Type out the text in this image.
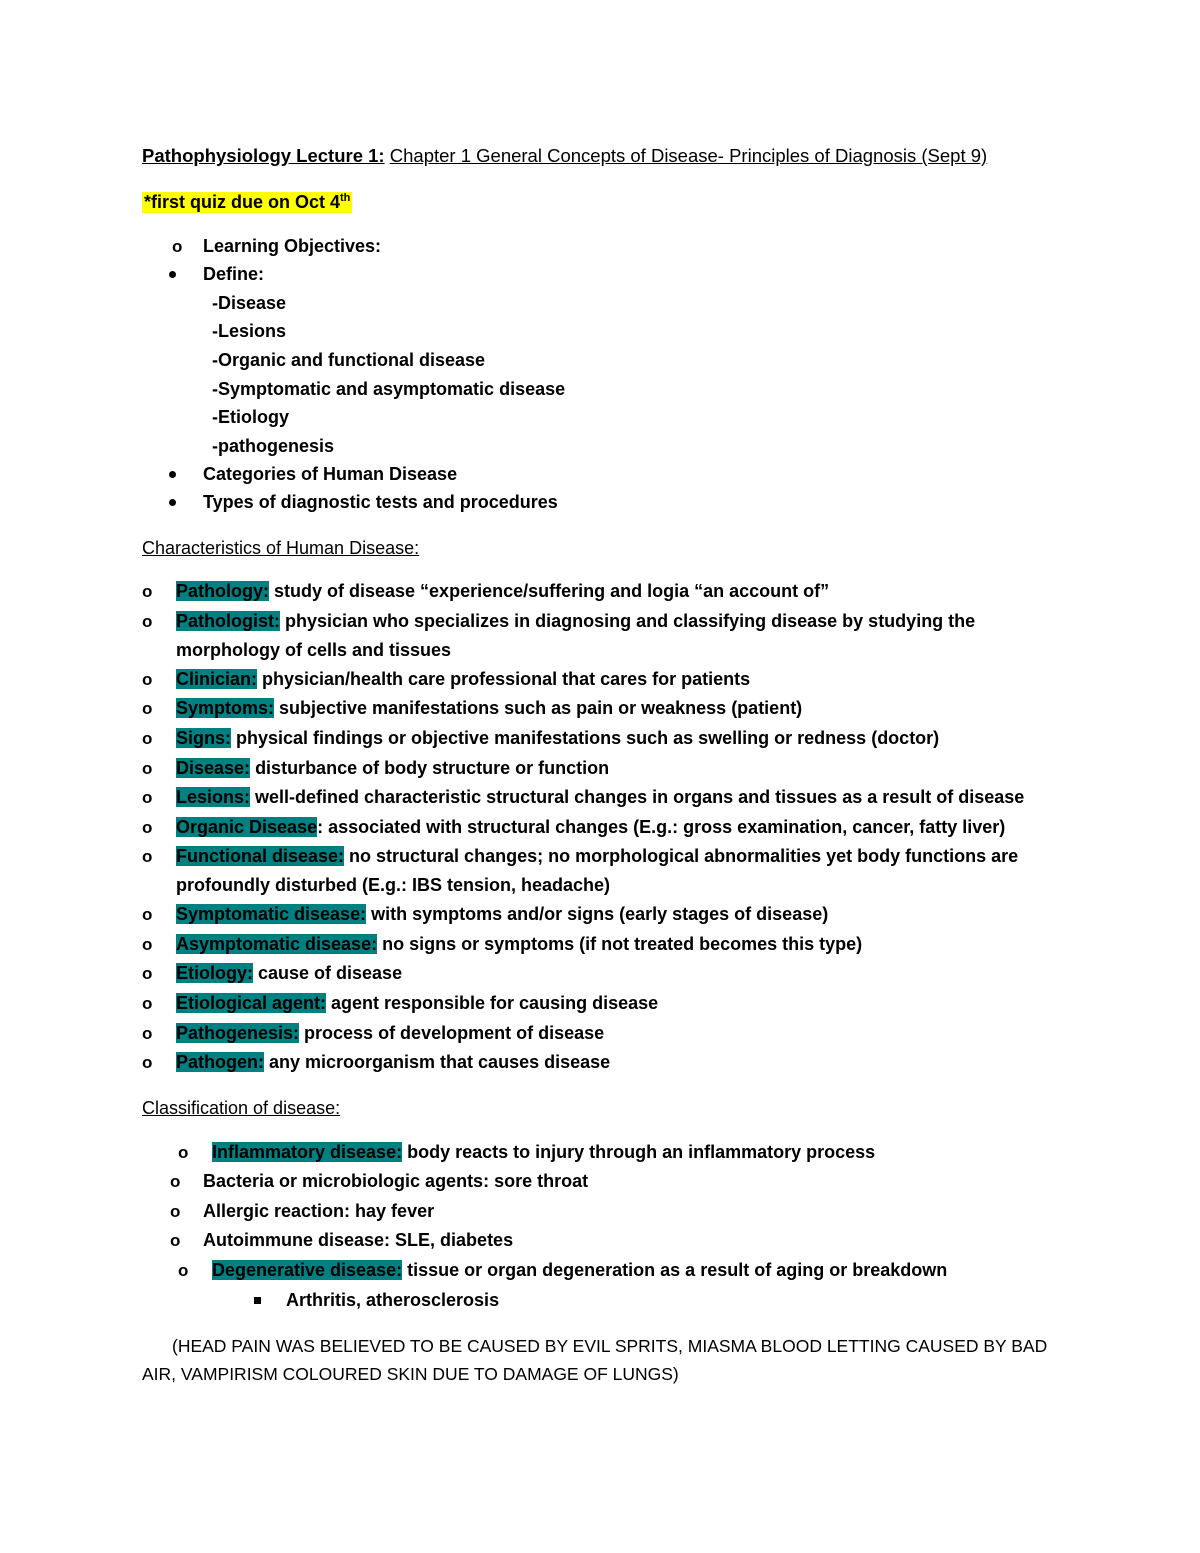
Pathophysiology Lecture 1: Chapter 1 General Concepts of Disease- Principles of Diagnosis (Sept 9)
*first quiz due on Oct 4th
o Learning Objectives:
Define:
-Disease
-Lesions
-Organic and functional disease
-Symptomatic and asymptomatic disease
-Etiology
-pathogenesis
Categories of Human Disease
Types of diagnostic tests and procedures
Characteristics of Human Disease:
o Pathology: study of disease “experience/suffering and logia “an account of”
o Pathologist: physician who specializes in diagnosing and classifying disease by studying the
morphology of cells and tissues
o Clinician: physician/health care professional that cares for patients
o Symptoms: subjective manifestations such as pain or weakness (patient)
o Signs: physical findings or objective manifestations such as swelling or redness (doctor)
o Disease: disturbance of body structure or function
o Lesions: well-defined characteristic structural changes in organs and tissues as a result of disease
o Organic Disease: associated with structural changes (E.g.: gross examination, cancer, fatty liver)
o Functional disease: no structural changes; no morphological abnormalities yet body functions are
profoundly disturbed (E.g.: IBS tension, headache)
o Symptomatic disease: with symptoms and/or signs (early stages of disease)
o Asymptomatic disease: no signs or symptoms (if not treated becomes this type)
o Etiology: cause of disease
o Etiological agent: agent responsible for causing disease
o Pathogenesis: process of development of disease
o Pathogen: any microorganism that causes disease
Classification of disease:
o Inflammatory disease: body reacts to injury through an inflammatory process
o Bacteria or microbiologic agents: sore throat
o Allergic reaction: hay fever
o Autoimmune disease: SLE, diabetes
o Degenerative disease: tissue or organ degeneration as a result of aging or breakdown
Arthritis, atherosclerosis
(HEAD PAIN WAS BELIEVED TO BE CAUSED BY EVIL SPRITS, MIASMA BLOOD LETTING CAUSED BY BAD AIR, VAMPIRISM COLOURED SKIN DUE TO DAMAGE OF LUNGS)
